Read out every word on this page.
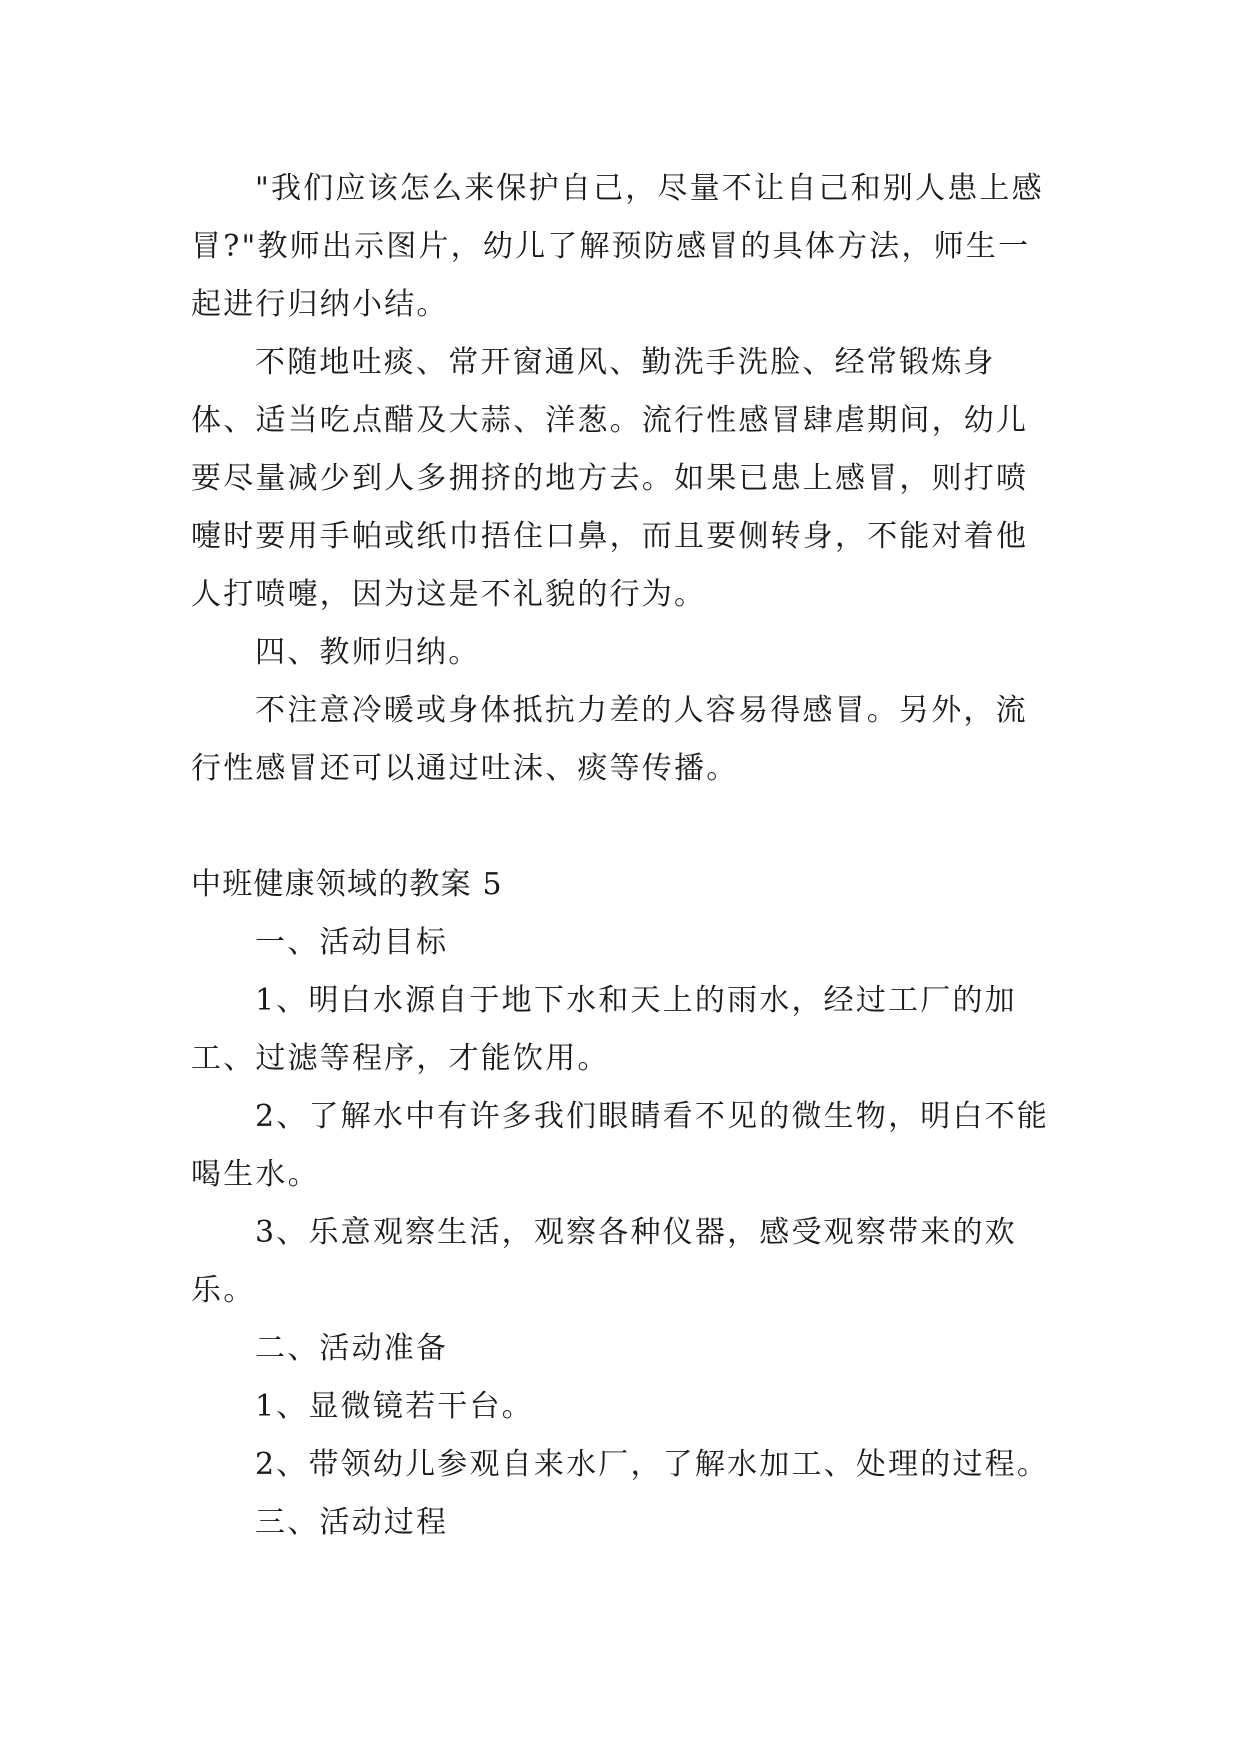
"我们应该怎么来保护自己，尽量不让自己和别人患上感冒?"教师出示图片，幼儿了解预防感冒的具体方法，师生一起进行归纳小结。

不随地吐痰、常开窗通风、勤洗手洗脸、经常锻炼身体、适当吃点醋及大蒜、洋葱。流行性感冒肆虐期间，幼儿要尽量减少到人多拥挤的地方去。如果已患上感冒，则打喷嚏时要用手帕或纸巾捂住口鼻，而且要侧转身，不能对着他人打喷嚏，因为这是不礼貌的行为。

四、教师归纳。

不注意冷暖或身体抵抗力差的人容易得感冒。另外，流行性感冒还可以通过吐沫、痰等传播。

中班健康领域的教案 5

一、活动目标

1、明白水源自于地下水和天上的雨水，经过工厂的加工、过滤等程序，才能饮用。

2、了解水中有许多我们眼睛看不见的微生物，明白不能喝生水。

3、乐意观察生活，观察各种仪器，感受观察带来的欢乐。

二、活动准备

1、显微镜若干台。

2、带领幼儿参观自来水厂，了解水加工、处理的过程。

三、活动过程
